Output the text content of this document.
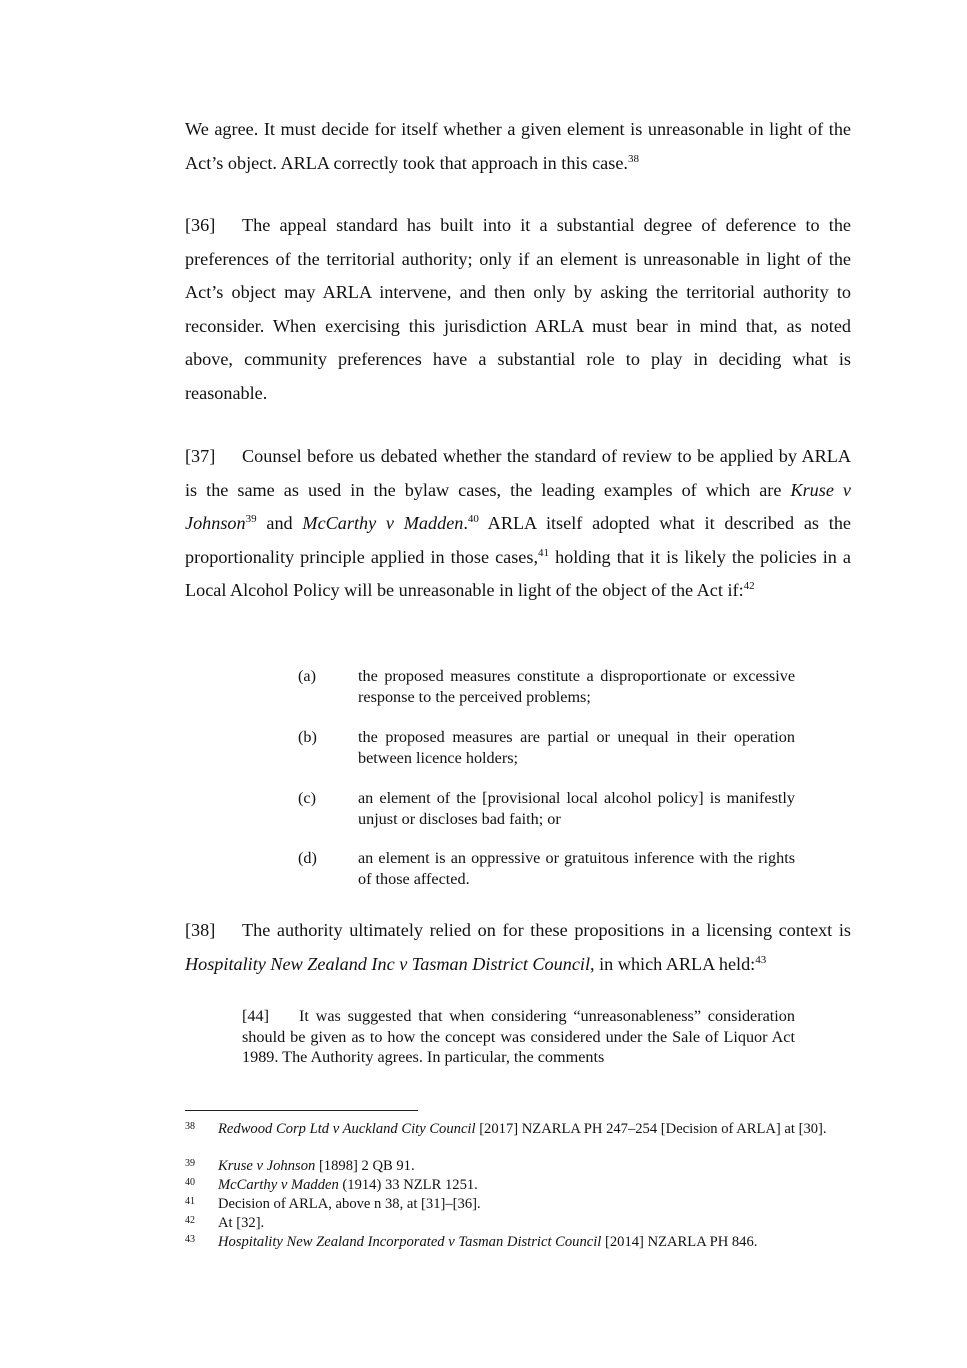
We agree. It must decide for itself whether a given element is unreasonable in light of the Act’s object. ARLA correctly took that approach in this case.$^{38}$

[36] The appeal standard has built into it a substantial degree of deference to the preferences of the territorial authority; only if an element is unreasonable in light of the Act’s object may ARLA intervene, and then only by asking the territorial authority to reconsider. When exercising this jurisdiction ARLA must bear in mind that, as noted above, community preferences have a substantial role to play in deciding what is reasonable.

[37] Counsel before us debated whether the standard of review to be applied by ARLA is the same as used in the bylaw cases, the leading examples of which are Kruse v Johnson$^{39}$ and McCarthy v Madden.$^{40}$ ARLA itself adopted what it described as the proportionality principle applied in those cases,$^{41}$ holding that it is likely the policies in a Local Alcohol Policy will be unreasonable in light of the object of the Act if:$^{42}$

(a)	the proposed measures constitute a disproportionate or excessive response to the perceived problems;
(b)	the proposed measures are partial or unequal in their operation between licence holders;
(c)	an element of the [provisional local alcohol policy] is manifestly unjust or discloses bad faith; or
(d)	an element is an oppressive or gratuitous inference with the rights of those affected.

[38] The authority ultimately relied on for these propositions in a licensing context is Hospitality New Zealand Inc v Tasman District Council, in which ARLA held:$^{43}$

[44] It was suggested that when considering “unreasonableness” consideration should be given as to how the concept was considered under the Sale of Liquor Act 1989. The Authority agrees. In particular, the comments

38 Redwood Corp Ltd v Auckland City Council [2017] NZARLA PH 247–254 [Decision of ARLA] at [30].
39 Kruse v Johnson [1898] 2 QB 91.
40 McCarthy v Madden (1914) 33 NZLR 1251.
41 Decision of ARLA, above n 38, at [31]–[36].
42 At [32].
43 Hospitality New Zealand Incorporated v Tasman District Council [2014] NZARLA PH 846.
